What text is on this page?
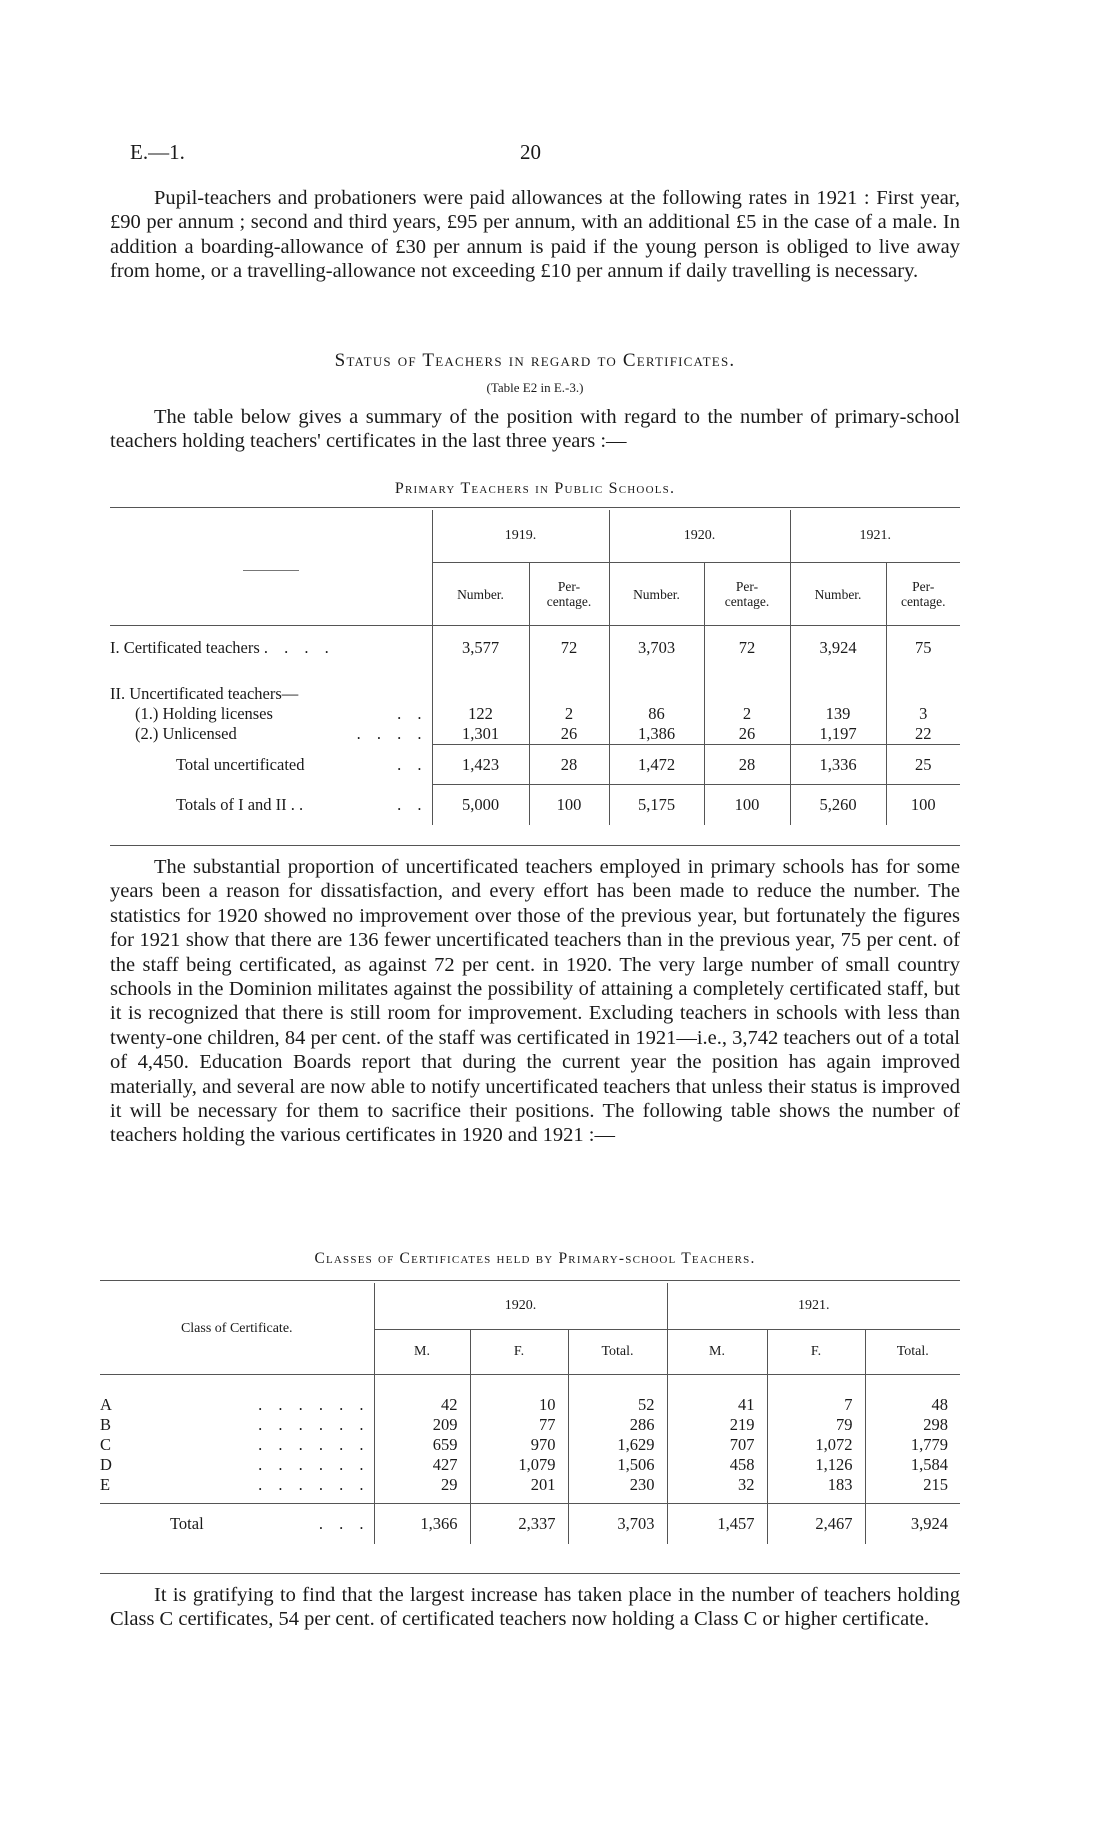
E.—1.	20

Pupil-teachers and probationers were paid allowances at the following rates in 1921 : First year, £90 per annum ; second and third years, £95 per annum, with an additional £5 in the case of a male. In addition a boarding-allowance of £30 per annum is paid if the young person is obliged to live away from home, or a travelling-allowance not exceeding £10 per annum if daily travelling is necessary.

Status of Teachers in regard to Certificates.

(Table E2 in E.-3.)

The table below gives a summary of the position with regard to the number of primary-school teachers holding teachers' certificates in the last three years :—

Primary Teachers in Public Schools.

	1919.		1920.		1921.	
	Number.	Per-
centage.	Number.	Per-
centage.	Number.	Per-
centage.
I. Certificated teachers . . . .	3,577	72	3,703	72	3,924	75
II. Uncertificated teachers—						
(1.) Holding licenses . .	122	2	86	2	139	3
(2.) Unlicensed . . . .	1,301	26	1,386	26	1,197	22
Total uncertificated . .	1,423	28	1,472	28	1,336	25
Totals of I and II . . . .	5,000	100	5,175	100	5,260	100

The substantial proportion of uncertificated teachers employed in primary schools has for some years been a reason for dissatisfaction, and every effort has been made to reduce the number. The statistics for 1920 showed no improvement over those of the previous year, but fortunately the figures for 1921 show that there are 136 fewer uncertificated teachers than in the previous year, 75 per cent. of the staff being certificated, as against 72 per cent. in 1920. The very large number of small country schools in the Dominion militates against the possibility of attaining a completely certificated staff, but it is recognized that there is still room for improvement. Excluding teachers in schools with less than twenty-one children, 84 per cent. of the staff was certificated in 1921—i.e., 3,742 teachers out of a total of 4,450. Education Boards report that during the current year the position has again improved materially, and several are now able to notify uncertificated teachers that unless their status is improved it will be necessary for them to sacrifice their positions. The following table shows the number of teachers holding the various certificates in 1920 and 1921 :—

Classes of Certificates held by Primary-school Teachers.

Class of Certificate.	1920.			1921.		
	M.	F.	Total.	M.	F.	Total.
A . . . . . .	42	10	52	41	7	48
B . . . . . .	209	77	286	219	79	298
C . . . . . .	659	970	1,629	707	1,072	1,779
D . . . . . .	427	1,079	1,506	458	1,126	1,584
E . . . . . .	29	201	230	32	183	215
Total . . .	1,366	2,337	3,703	1,457	2,467	3,924

It is gratifying to find that the largest increase has taken place in the number of teachers holding Class C certificates, 54 per cent. of certificated teachers now holding a Class C or higher certificate.
